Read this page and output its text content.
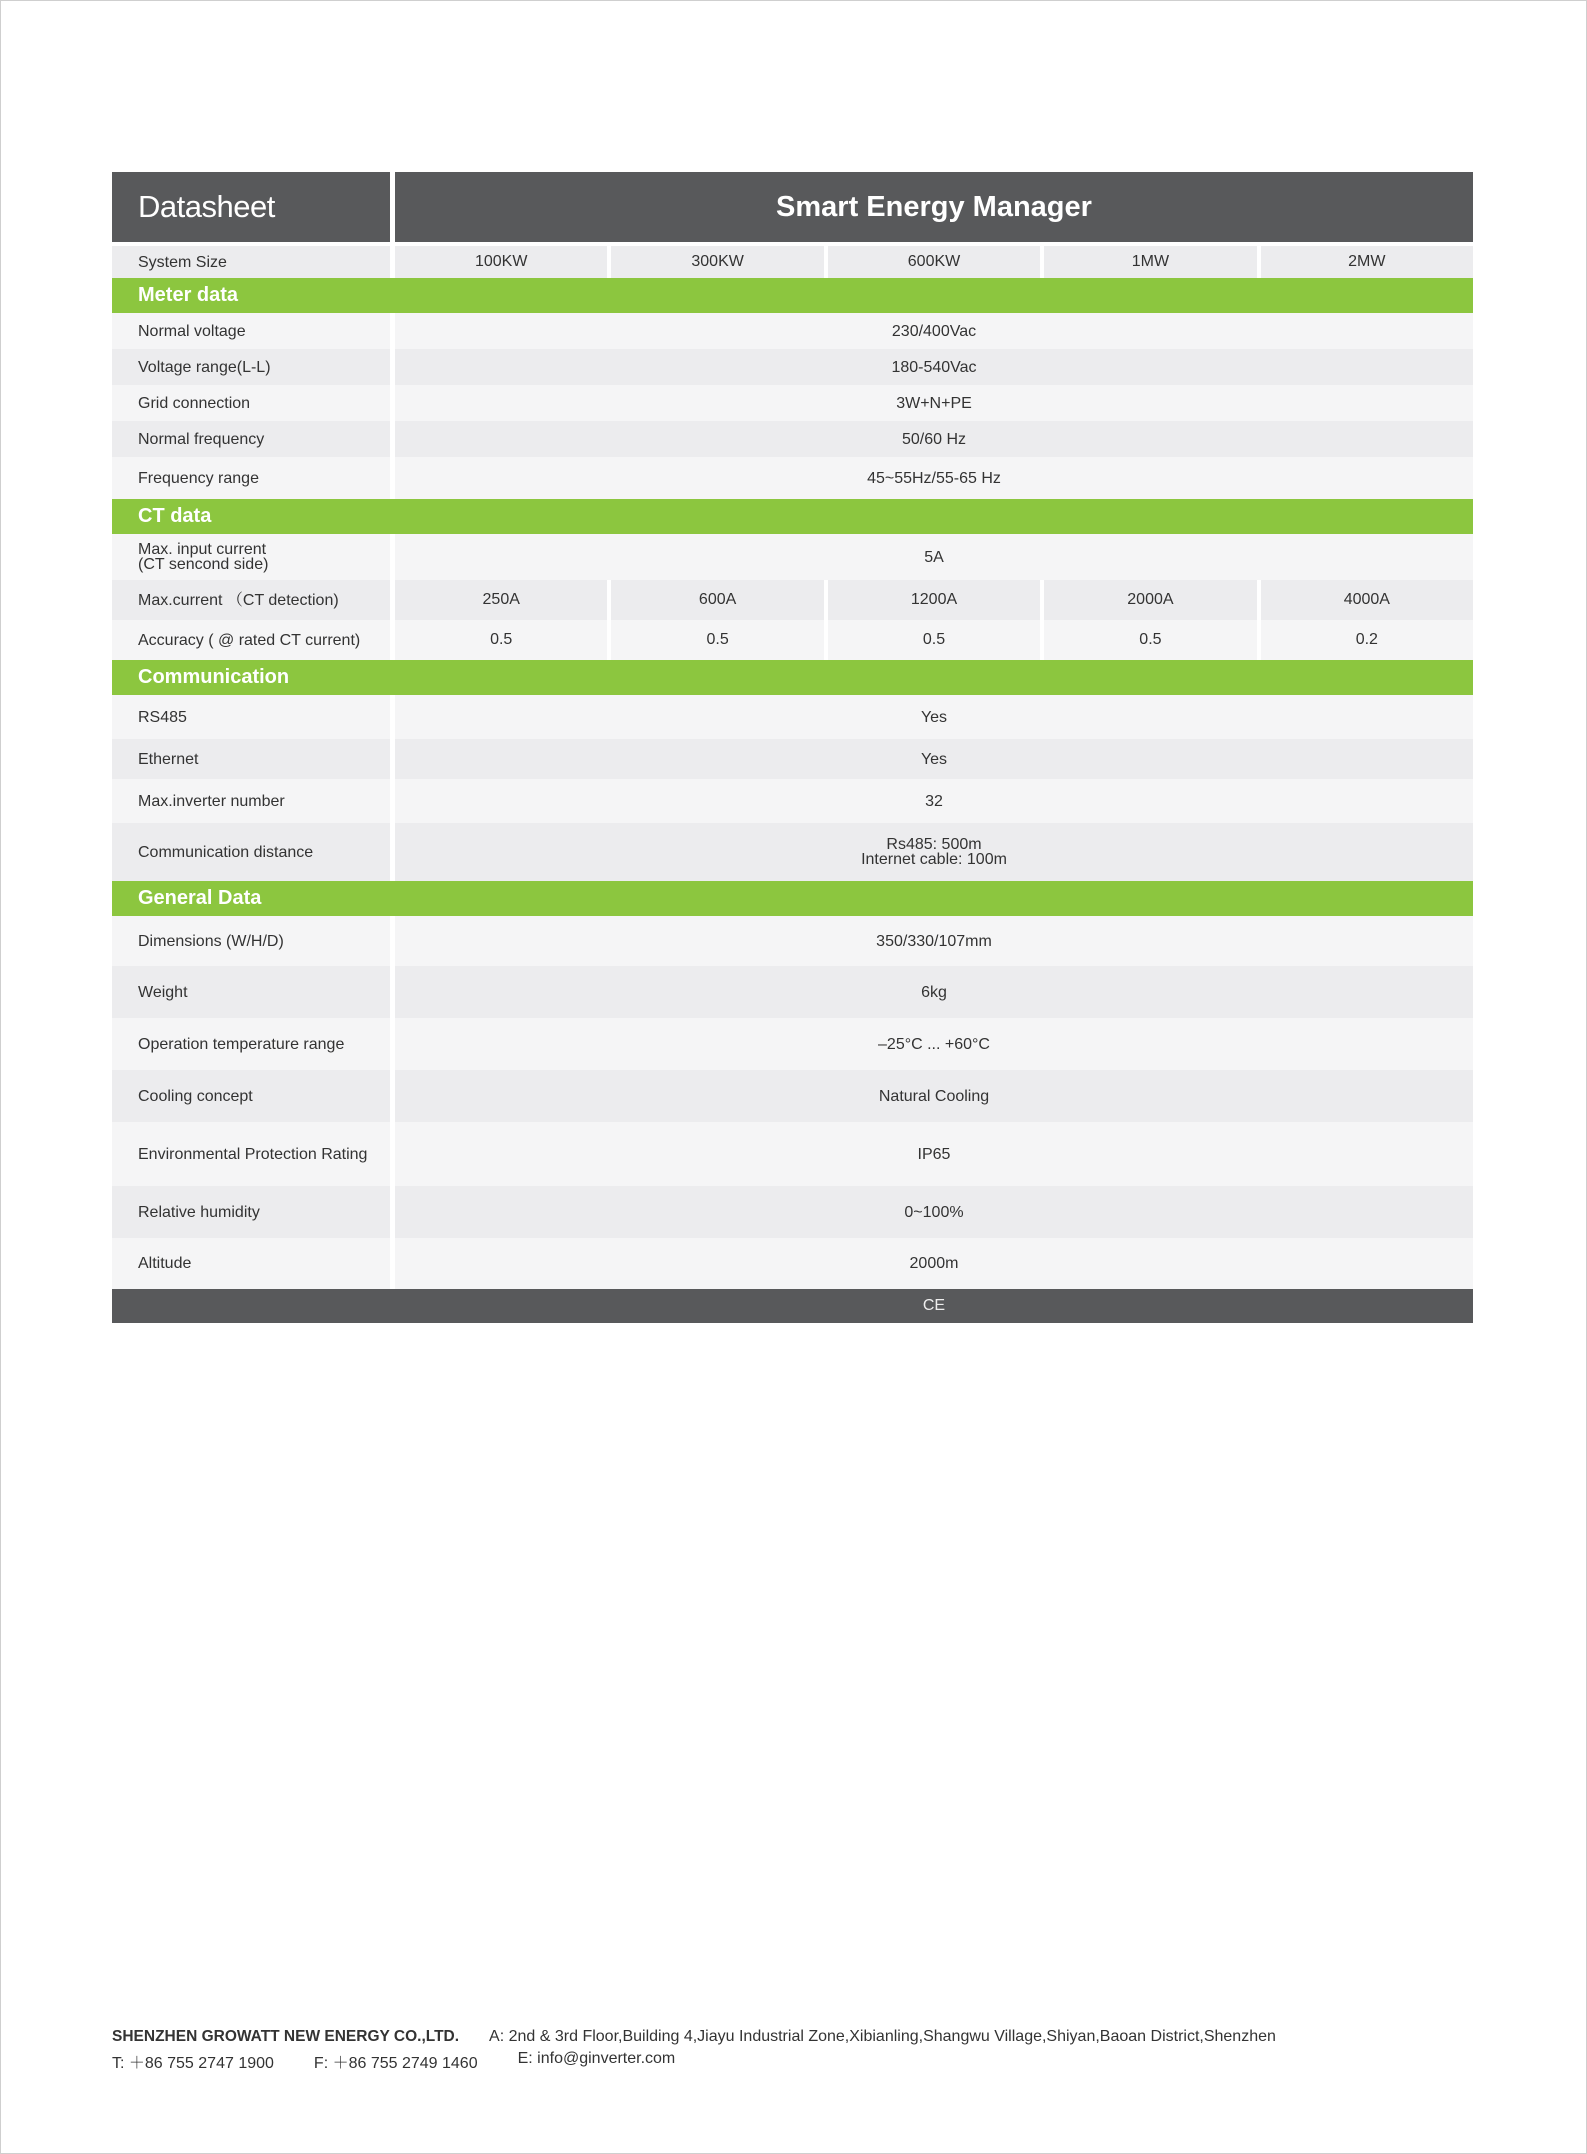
Datasheet	Smart Energy Manager
System Size	100KW	300KW	600KW	1MW	2MW
Meter data
Normal voltage	230/400Vac
Voltage range(L-L)	180-540Vac
Grid connection	3W+N+PE
Normal frequency	50/60 Hz
Frequency range	45~55Hz/55-65 Hz
CT data
Max. input current
(CT sencond side)	5A
Max.current （CT detection)	250A	600A	1200A	2000A	4000A
Accuracy ( @ rated CT current)	0.5	0.5	0.5	0.5	0.2
Communication
RS485	Yes
Ethernet	Yes
Max.inverter number	32
Communication distance	Rs485: 500m
Internet cable: 100m
General Data
Dimensions (W/H/D)	350/330/107mm
Weight	6kg
Operation temperature range	–25°C ... +60°C
Cooling concept	Natural Cooling
Environmental Protection Rating	IP65
Relative humidity	0~100%
Altitude	2000m
CE
SHENZHEN GROWATT NEW ENERGY CO.,LTD. A: 2nd & 3rd Floor,Building 4,Jiayu Industrial Zone,Xibianling,Shangwu Village,Shiyan,Baoan District,Shenzhen
T: ＋86 755 2747 1900	F: ＋86 755 2749 1460	E: info@ginverter.com
